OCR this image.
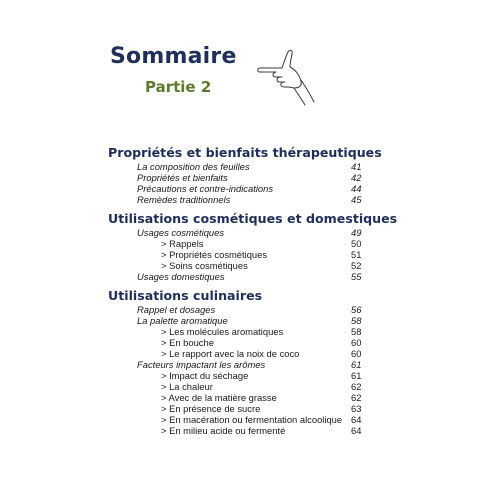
Sommaire
Partie 2
Propriétés et bienfaits thérapeutiques
La composition des feuilles	41
Propriétés et bienfaits	42
Précautions et contre-indications	44
Remèdes traditionnels	45
Utilisations cosmétiques et domestiques
Usages cosmétiques	49
> Rappels	50
> Propriétés cosmétiques	51
> Soins cosmétiques	52
Usages domestiques	55
Utilisations culinaires
Rappel et dosages	56
La palette aromatique	58
> Les molécules aromatiques	58
> En bouche	60
> Le rapport avec la noix de coco	60
Facteurs impactant les arômes	61
> Impact du séchage	61
> La chaleur	62
> Avec de la matière grasse	62
> En présence de sucre	63
> En macération ou fermentation alcoolique 64
> En milieu acide ou fermenté	64
